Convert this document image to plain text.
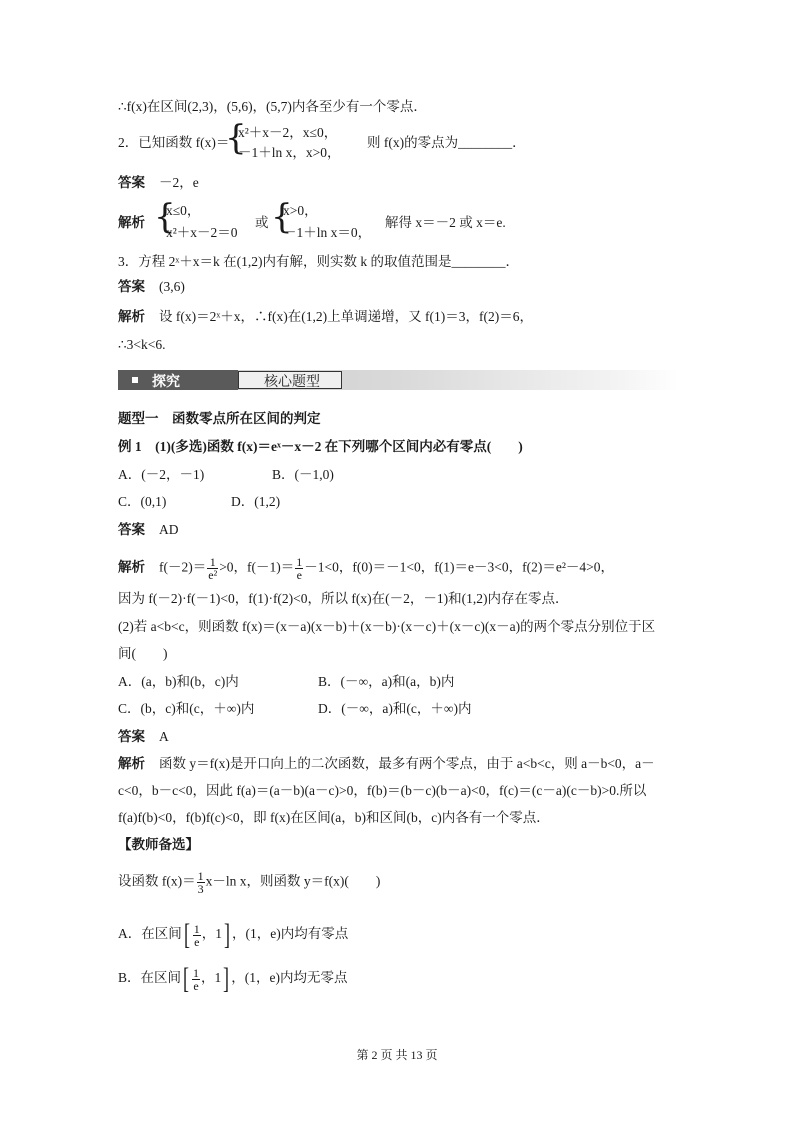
∴f(x)在区间(2,3)，(5,6)，(5,7)内各至少有一个零点．
2．已知函数 f(x)＝
{
x²＋x－2，x≤0，
－1＋ln x，x>0，
则 f(x)的零点为________．
答案 －2，e
解析 {
x≤0，
x²＋x－2＝0
或 {
x>0，
－1＋ln x＝0，
解得 x＝－2 或 x＝e.
3．方程 2ˣ＋x＝k 在(1,2)内有解，则实数 k 的取值范围是________．
答案 (3,6)
解析 设 f(x)＝2ˣ＋x，∴f(x)在(1,2)上单调递增，又 f(1)＝3，f(2)＝6，
∴3<k<6.
探究	核心题型
题型一　函数零点所在区间的判定
例 1　(1)(多选)函数 f(x)＝eˣ－x－2 在下列哪个区间内必有零点(　　)
A．(－2，－1)	B．(－1,0)
C．(0,1)	D．(1,2)
答案 AD
解析 $f(-2)= \frac{1}{\text{e²}} >0$，$f(-1)= \frac{1}{e} -1<0$，f(0)＝－1<0，f(1)＝e－3<0，f(2)＝e²－4>0，
因为 f(－2)·f(－1)<0，f(1)·f(2)<0，所以 f(x)在(－2，－1)和(1,2)内存在零点．
(2)若 a<b<c，则函数 f(x)＝(x－a)(x－b)＋(x－b)·(x－c)＋(x－c)(x－a)的两个零点分别位于区
间(　　)
A．(a，b)和(b，c)内	B．(－∞，a)和(a，b)内
C．(b，c)和(c，＋∞)内	D．(－∞，a)和(c，＋∞)内
答案 A
解析 函数 y＝f(x)是开口向上的二次函数，最多有两个零点，由于 a<b<c，则 a－b<0，a－
c<0，b－c<0，因此 f(a)＝(a－b)(a－c)>0，f(b)＝(b－c)(b－a)<0，f(c)＝(c－a)(c－b)>0.所以
f(a)f(b)<0，f(b)f(c)<0，即 f(x)在区间(a，b)和区间(b，c)内各有一个零点．
【教师备选】
设函数 $f(x)= \frac{1}{3} x-\ln$ x，则函数 y＝f(x)(　　)
A．在区间[ $\frac{1}{e}$ ，1] ，(1，e)内均有零点
B．在区间[ $\frac{1}{e}$ ，1] ，(1，e)内均无零点
第 2 页 共 13 页
